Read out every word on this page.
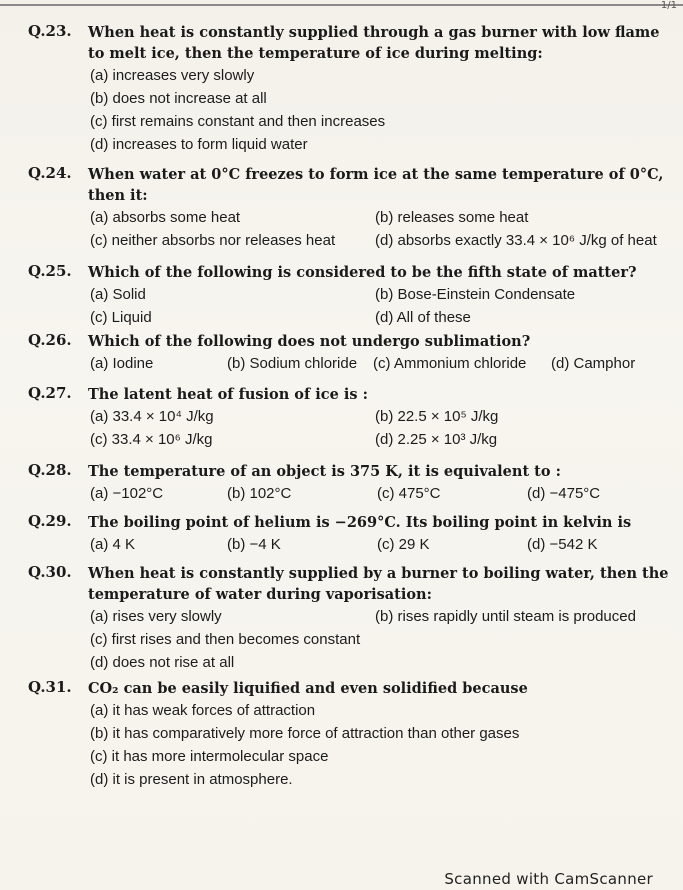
1/1
Q.23.	When heat is constantly supplied through a gas burner with low flame
to melt ice, then the temperature of ice during melting:
(a) increases very slowly
(b) does not increase at all
(c) first remains constant and then increases
(d) increases to form liquid water
Q.24.	When water at 0°C freezes to form ice at the same temperature of 0°C,
then it:
(a) absorbs some heat	(b) releases some heat
(c) neither absorbs nor releases heat	(d) absorbs exactly 33.4 × 10⁶ J/kg of heat
Q.25.	Which of the following is considered to be the fifth state of matter?
(a) Solid	(b) Bose-Einstein Condensate
(c) Liquid	(d) All of these
Q.26.	Which of the following does not undergo sublimation?
(a) Iodine	(b) Sodium chloride	(c) Ammonium chloride	(d) Camphor
Q.27.	The latent heat of fusion of ice is :
(a) 33.4 × 10⁴ J/kg	(b) 22.5 × 10⁵ J/kg
(c) 33.4 × 10⁶ J/kg	(d) 2.25 × 10³ J/kg
Q.28.	The temperature of an object is 375 K, it is equivalent to :
(a) −102°C	(b) 102°C	(c) 475°C	(d) −475°C
Q.29.	The boiling point of helium is −269°C. Its boiling point in kelvin is
(a) 4 K	(b) −4 K	(c) 29 K	(d) −542 K
Q.30.	When heat is constantly supplied by a burner to boiling water, then the
temperature of water during vaporisation:
(a) rises very slowly	(b) rises rapidly until steam is produced
(c) first rises and then becomes constant
(d) does not rise at all
Q.31.	CO₂ can be easily liquified and even solidified because
(a) it has weak forces of attraction
(b) it has comparatively more force of attraction than other gases
(c) it has more intermolecular space
(d) it is present in atmosphere.
Scanned with CamScanner
